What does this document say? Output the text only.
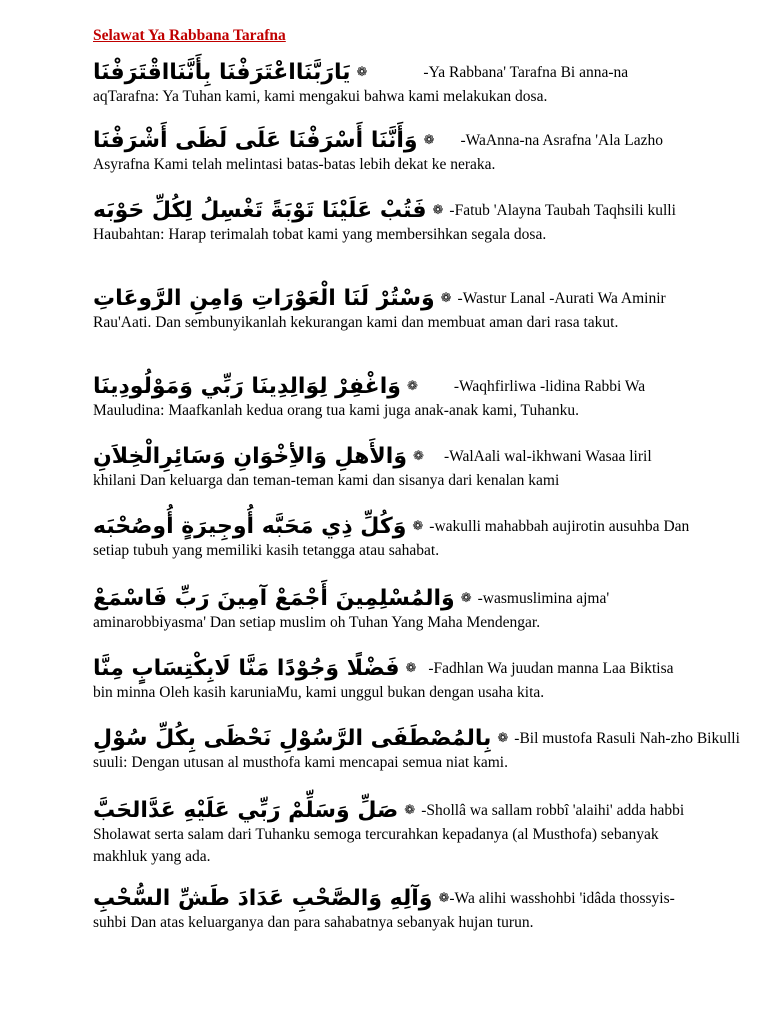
Selawat Ya Rabbana Tarafna
يَارَبَّنَااعْتَرَفْنَا بِأَنَّنَااقْتَرَفْنَا ❁	-Ya Rabbana' Tarafna Bi anna-na
aqTarafna: Ya Tuhan kami, kami mengakui bahwa kami melakukan dosa.
وَأَنَّنَا أَسْرَفْنَا عَلَى لَظَى أَشْرَفْنَا ❁ -WaAnna-na Asrafna 'Ala Lazho
Asyrafna Kami telah melintasi batas-batas lebih dekat ke neraka.
فَتُبْ عَلَيْنَا تَوْبَةً تَغْسِلُ لِكُلِّ حَوْبَه ❁ -Fatub 'Alayna Taubah Taqhsili kulli
Haubahtan: Harap terimalah tobat kami yang membersihkan segala dosa.
وَسْتُرْ لَنَا الْعَوْرَاتِ وَامِنِ الرَّوعَاتِ ❁ -Wastur Lanal -Aurati Wa Aminir
Rau'Aati. Dan sembunyikanlah kekurangan kami dan membuat aman dari rasa takut.
وَاغْفِرْ لِوَالِدِينَا رَبِّي وَمَوْلُودِينَا ❁ -Waqhfirliwa -lidina Rabbi Wa
Mauludina: Maafkanlah kedua orang tua kami juga anak-anak kami, Tuhanku.
وَالأَهلِ وَالأِخْوَانِ وَسَائِرِالْخِلاَنِ ❁ -WalAali wal-ikhwani Wasaa liril
khilani Dan keluarga dan teman-teman kami dan sisanya dari kenalan kami
وَكُلِّ ذِي مَحَبَّه أُوجِيرَةٍ أُوصُحْبَه ❁ -wakulli mahabbah aujirotin ausuhba Dan
setiap tubuh yang memiliki kasih tetangga atau sahabat.
وَالمُسْلِمِينَ أَجْمَعْ آمِينَ رَبِّ فَاسْمَعْ ❁ -wasmuslimina ajma'
aminarobbiyasma' Dan setiap muslim oh Tuhan Yang Maha Mendengar.
فَضْلًا وَجُوْدًا مَنَّا لَابِكْتِسَابٍ مِنَّا ❁ -Fadhlan Wa juudan manna Laa Biktisa
bin minna Oleh kasih karuniaMu, kami unggul bukan dengan usaha kita.
بِالمُصْطَفَى الرَّسُوْلِ نَحْظَى بِكُلِّ سُوْلِ ❁ -Bil mustofa Rasuli Nah-zho Bikulli
suuli: Dengan utusan al musthofa kami mencapai semua niat kami.
صَلِّ وَسَلِّمْ رَبِّي عَلَيْهِ عَدَّالحَبَّ ❁ -Shollâ wa sallam robbî 'alaihi' adda habbi
Sholawat serta salam dari Tuhanku semoga tercurahkan kepadanya (al Musthofa) sebanyak makhluk yang ada.
وَآلِهِ وَالصَّحْبِ عَدَادَ طَشِّ السُّحْبِ ❁ -Wa alihi wasshohbi 'idâda thossyis-
suhbi Dan atas keluarganya dan para sahabatnya sebanyak hujan turun.
